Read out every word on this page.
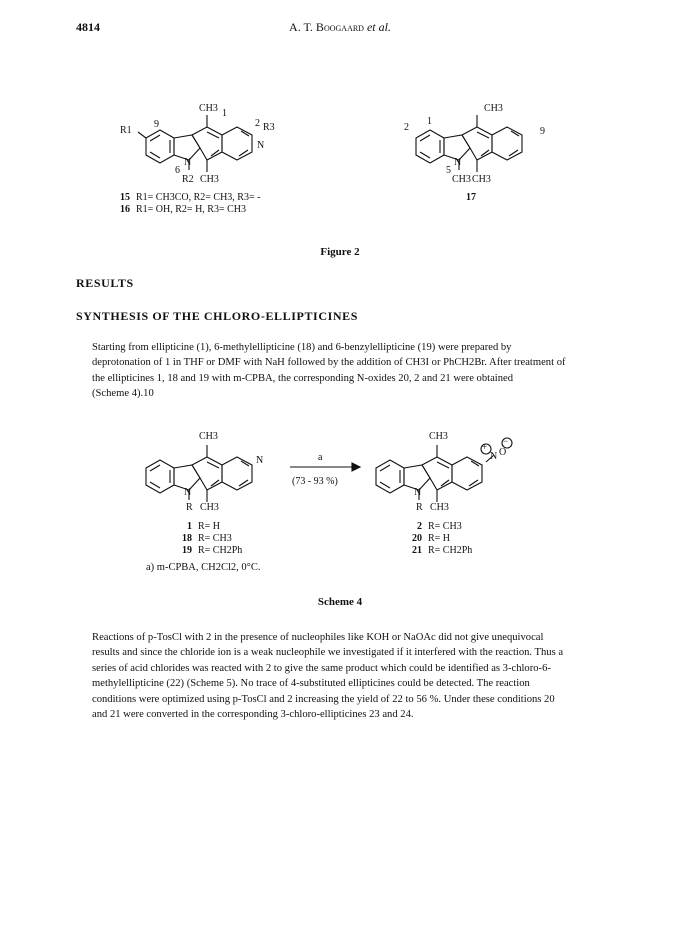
4814	A. T. Boogaard et al.
CH3 1
2 R3
N
9
R1
N
6
R2 CH3
15 R1= CH3CO, R2= CH3, R3= -
16 R1= OH, R2= H, R3= CH3
CH3
1
2	9
N
5
CH3 CH3
17
Figure 2
RESULTS
SYNTHESIS OF THE CHLORO-ELLIPTICINES
Starting from ellipticine (1), 6-methylellipticine (18) and 6-benzylellipticine (19) were prepared by
deprotonation of 1 in THF or DMF with NaH followed by the addition of CH3I or PhCH2Br. After treatment of
the ellipticines 1, 18 and 19 with m-CPBA, the corresponding N-oxides 20, 2 and 21 were obtained
(Scheme 4).10
CH3
N
N
R CH3
1 R= H
18 R= CH3
19 R= CH2Ph
a
(73 - 93 %)
CH3
N O
+
−
N
R CH3
2 R= CH3
20 R= H
21 R= CH2Ph
a) m-CPBA, CH2Cl2, 0°C.
Scheme 4
Reactions of p-TosCl with 2 in the presence of nucleophiles like KOH or NaOAc did not give unequivocal
results and since the chloride ion is a weak nucleophile we investigated if it interfered with the reaction. Thus a
series of acid chlorides was reacted with 2 to give the same product which could be identified as 3-chloro-6-
methylellipticine (22) (Scheme 5). No trace of 4-substituted ellipticines could be detected. The reaction
conditions were optimized using p-TosCl and 2 increasing the yield of 22 to 56 %. Under these conditions 20
and 21 were converted in the corresponding 3-chloro-ellipticines 23 and 24.
